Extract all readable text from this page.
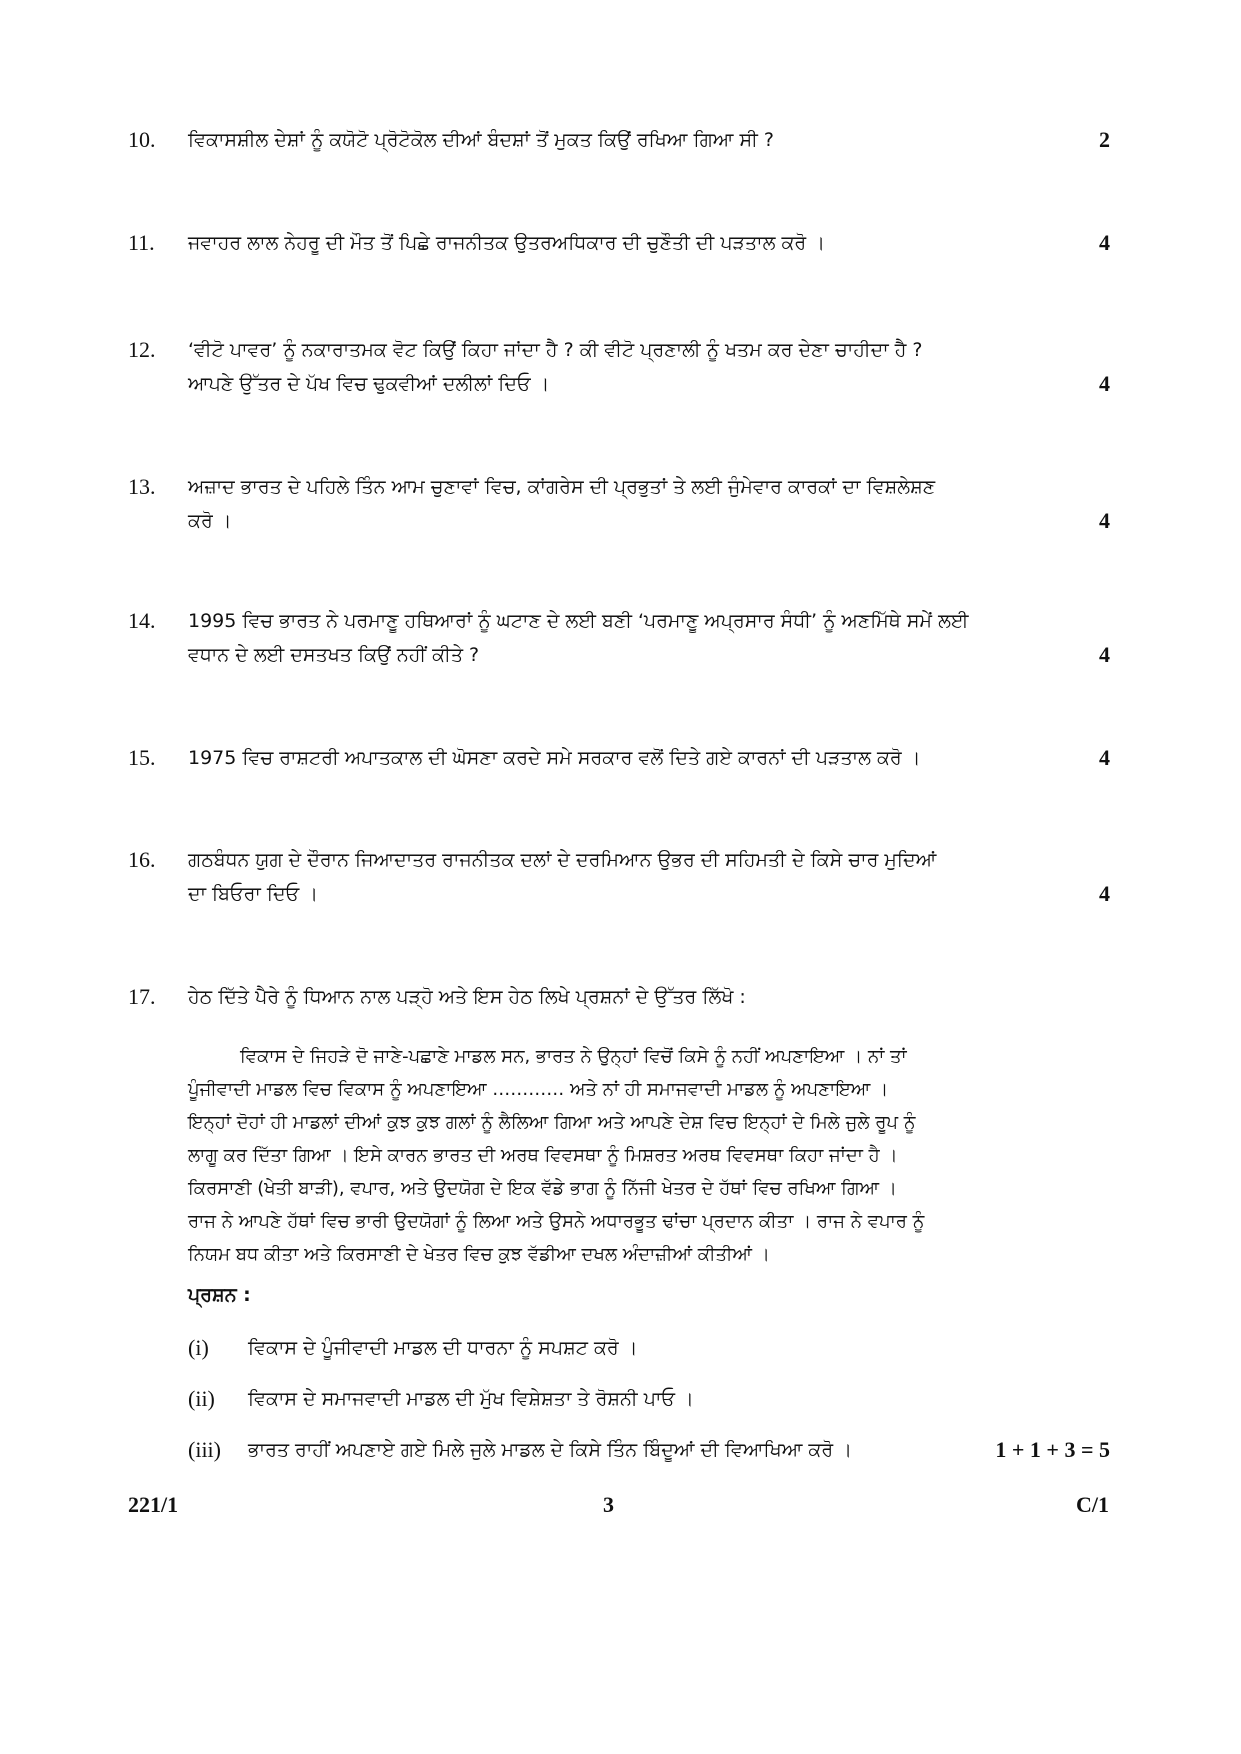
10. ਵਿਕਾਸਸ਼ੀਲ ਦੇਸ਼ਾਂ ਨੂੰ ਕਯੋਟੋ ਪ੍ਰੋਟੋਕੋਲ ਦੀਆਂ ਬੰਦਸ਼ਾਂ ਤੋਂ ਮੁਕਤ ਕਿਉਂ ਰਖਿਆ ਗਿਆ ਸੀ ?	2
11. ਜਵਾਹਰ ਲਾਲ ਨੇਹਰੂ ਦੀ ਮੌਤ ਤੋਂ ਪਿਛੇ ਰਾਜਨੀਤਕ ਉਤਰਅਧਿਕਾਰ ਦੀ ਚੁਣੌਤੀ ਦੀ ਪੜਤਾਲ ਕਰੋ ।	4
12. ‘ਵੀਟੋ ਪਾਵਰ’ ਨੂੰ ਨਕਾਰਾਤਮਕ ਵੋਟ ਕਿਉਂ ਕਿਹਾ ਜਾਂਦਾ ਹੈ ? ਕੀ ਵੀਟੋ ਪ੍ਰਣਾਲੀ ਨੂੰ ਖਤਮ ਕਰ ਦੇਣਾ ਚਾਹੀਦਾ ਹੈ ?
ਆਪਣੇ ਉੱਤਰ ਦੇ ਪੱਖ ਵਿਚ ਢੁਕਵੀਆਂ ਦਲੀਲਾਂ ਦਿਓ ।	4
13. ਅਜ਼ਾਦ ਭਾਰਤ ਦੇ ਪਹਿਲੇ ਤਿੰਨ ਆਮ ਚੁਣਾਵਾਂ ਵਿਚ, ਕਾਂਗਰੇਸ ਦੀ ਪ੍ਰਭੁਤਾਂ ਤੇ ਲਈ ਜੁੰਮੇਵਾਰ ਕਾਰਕਾਂ ਦਾ ਵਿਸ਼ਲੇਸ਼ਣ
ਕਰੋ ।	4
14. 1995 ਵਿਚ ਭਾਰਤ ਨੇ ਪਰਮਾਣੂ ਹਥਿਆਰਾਂ ਨੂੰ ਘਟਾਣ ਦੇ ਲਈ ਬਣੀ ‘ਪਰਮਾਣੂ ਅਪ੍ਰਸਾਰ ਸੰਧੀ’ ਨੂੰ ਅਣਮਿੱਥੇ ਸਮੇਂ ਲਈ
ਵਧਾਨ ਦੇ ਲਈ ਦਸਤਖਤ ਕਿਉਂ ਨਹੀਂ ਕੀਤੇ ?	4
15. 1975 ਵਿਚ ਰਾਸ਼ਟਰੀ ਅਪਾਤਕਾਲ ਦੀ ਘੋਸਣਾ ਕਰਦੇ ਸਮੇ ਸਰਕਾਰ ਵਲੋਂ ਦਿਤੇ ਗਏ ਕਾਰਨਾਂ ਦੀ ਪੜਤਾਲ ਕਰੋ ।	4
16. ਗਠਬੰਧਨ ਯੁਗ ਦੇ ਦੌਰਾਨ ਜਿਆਦਾਤਰ ਰਾਜਨੀਤਕ ਦਲਾਂ ਦੇ ਦਰਮਿਆਨ ਉਭਰ ਦੀ ਸਹਿਮਤੀ ਦੇ ਕਿਸੇ ਚਾਰ ਮੁਦਿਆਂ
ਦਾ ਬਿਓਰਾ ਦਿਓ ।	4
17. ਹੇਠ ਦਿੱਤੇ ਪੈਰੇ ਨੂੰ ਧਿਆਨ ਨਾਲ ਪੜ੍ਹੋ ਅਤੇ ਇਸ ਹੇਠ ਲਿਖੇ ਪ੍ਰਸ਼ਨਾਂ ਦੇ ਉੱਤਰ ਲਿੱਖੋ :
ਵਿਕਾਸ ਦੇ ਜਿਹੜੇ ਦੋ ਜਾਣੇ-ਪਛਾਣੇ ਮਾਡਲ ਸਨ, ਭਾਰਤ ਨੇ ਉਨ੍ਹਾਂ ਵਿਚੋਂ ਕਿਸੇ ਨੂੰ ਨਹੀਂ ਅਪਣਾਇਆ । ਨਾਂ ਤਾਂ
ਪੂੰਜੀਵਾਦੀ ਮਾਡਲ ਵਿਚ ਵਿਕਾਸ ਨੂੰ ਅਪਣਾਇਆ ………… ਅਤੇ ਨਾਂ ਹੀ ਸਮਾਜਵਾਦੀ ਮਾਡਲ ਨੂੰ ਅਪਣਾਇਆ ।
ਇਨ੍ਹਾਂ ਦੋਹਾਂ ਹੀ ਮਾਡਲਾਂ ਦੀਆਂ ਕੁਝ ਕੁਝ ਗਲਾਂ ਨੂੰ ਲੈਲਿਆ ਗਿਆ ਅਤੇ ਆਪਣੇ ਦੇਸ਼ ਵਿਚ ਇਨ੍ਹਾਂ ਦੇ ਮਿਲੇ ਜੁਲੇ ਰੂਪ ਨੂੰ
ਲਾਗੂ ਕਰ ਦਿੱਤਾ ਗਿਆ । ਇਸੇ ਕਾਰਨ ਭਾਰਤ ਦੀ ਅਰਥ ਵਿਵਸਥਾ ਨੂੰ ਮਿਸ਼ਰਤ ਅਰਥ ਵਿਵਸਥਾ ਕਿਹਾ ਜਾਂਦਾ ਹੈ ।
ਕਿਰਸਾਣੀ (ਖੇਤੀ ਬਾੜੀ), ਵਪਾਰ, ਅਤੇ ਉਦਯੋਗ ਦੇ ਇਕ ਵੱਡੇ ਭਾਗ ਨੂੰ ਨਿੱਜੀ ਖੇਤਰ ਦੇ ਹੱਥਾਂ ਵਿਚ ਰਖਿਆ ਗਿਆ ।
ਰਾਜ ਨੇ ਆਪਣੇ ਹੱਥਾਂ ਵਿਚ ਭਾਰੀ ਉਦਯੋਗਾਂ ਨੂੰ ਲਿਆ ਅਤੇ ਉਸਨੇ ਅਧਾਰਭੂਤ ਢਾਂਚਾ ਪ੍ਰਦਾਨ ਕੀਤਾ । ਰਾਜ ਨੇ ਵਪਾਰ ਨੂੰ
ਨਿਯਮ ਬਧ ਕੀਤਾ ਅਤੇ ਕਿਰਸਾਣੀ ਦੇ ਖੇਤਰ ਵਿਚ ਕੁਝ ਵੱਡੀਆ ਦਖਲ ਅੰਦਾਜ਼ੀਆਂ ਕੀਤੀਆਂ ।
ਪ੍ਰਸ਼ਨ :
(i) ਵਿਕਾਸ ਦੇ ਪੂੰਜੀਵਾਦੀ ਮਾਡਲ ਦੀ ਧਾਰਨਾ ਨੂੰ ਸਪਸ਼ਟ ਕਰੋ ।
(ii) ਵਿਕਾਸ ਦੇ ਸਮਾਜਵਾਦੀ ਮਾਡਲ ਦੀ ਮੁੱਖ ਵਿਸ਼ੇਸ਼ਤਾ ਤੇ ਰੋਸ਼ਨੀ ਪਾਓ ।
(iii) ਭਾਰਤ ਰਾਹੀਂ ਅਪਣਾਏ ਗਏ ਮਿਲੇ ਜੁਲੇ ਮਾਡਲ ਦੇ ਕਿਸੇ ਤਿੰਨ ਬਿੰਦੂਆਂ ਦੀ ਵਿਆਖਿਆ ਕਰੋ ।	1 + 1 + 3 = 5
221/1	3	C/1
